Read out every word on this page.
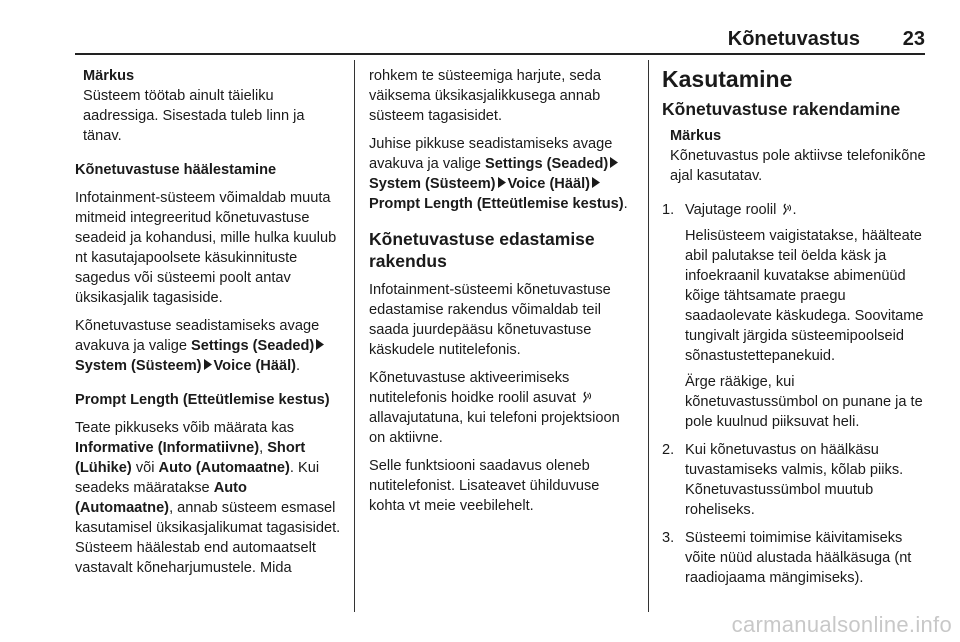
Kõnetuvastus 23
Märkus
Süsteem töötab ainult täieliku aadressiga. Sisestada tuleb linn ja tänav.

Kõnetuvastuse häälestamine

Infotainment-süsteem võimaldab muuta mitmeid integreeritud kõnetuvastuse seadeid ja kohandusi, mille hulka kuulub nt kasutajapoolsete käsukinnituste sagedus või süsteemi poolt antav üksikasjalik tagasiside.

Kõnetuvastuse seadistamiseks avage avakuva ja valige Settings (Seaded)System (Süsteem) Voice (Hääl).

Prompt Length (Etteütlemise kestus)

Teate pikkuseks võib määrata kas Informative (Informatiivne), Short (Lühike) või Auto (Automaatne). Kui seadeks määratakse Auto (Automaatne), annab süsteem esmasel kasutamisel üksikasjalikumat tagasisidet. Süsteem häälestab end automaatselt vastavalt kõneharjumustele. Mida

rohkem te süsteemiga harjute, seda väiksema üksikasjalikkusega annab süsteem tagasisidet.

Juhise pikkuse seadistamiseks avage avakuva ja valige Settings (Seaded)System (Süsteem) Voice (Hääl)Prompt Length (Etteütlemise kestus).

Kõnetuvastuse edastamise rakendus

Infotainment-süsteemi kõnetuvastuse edastamise rakendus võimaldab teil saada juurdepääsu kõnetuvastuse käskudele nutitelefonis.

Kõnetuvastuse aktiveerimiseks nutitelefonis hoidke roolil asuvat  allavajutatuna, kui telefoni projektsioon on aktiivne.

Selle funktsiooni saadavus oleneb nutitelefonist. Lisateavet ühilduvuse kohta vt meie veebilehelt.

Kasutamine
Kõnetuvastuse rakendamine
Märkus
Kõnetuvastus pole aktiivse telefonikõne ajal kasutatav.
1. Vajutage roolil .

Helisüsteem vaigistatakse, häälteate abil palutakse teil öelda käsk ja infoekraanil kuvatakse abimenüüd kõige tähtsamate praegu saadaolevate käskudega. Soovitame tungivalt järgida süsteemipoolseid sõnastustettepanekuid.

Ärge rääkige, kui kõnetuvastussümbol on punane ja te pole kuulnud piiksuvat heli.

2. Kui kõnetuvastus on häälkäsu tuvastamiseks valmis, kõlab piiks. Kõnetuvastussümbol muutub roheliseks.

3. Süsteemi toimimise käivitamiseks võite nüüd alustada häälkäsuga (nt raadiojaama mängimiseks).

carmanualsonline.info
